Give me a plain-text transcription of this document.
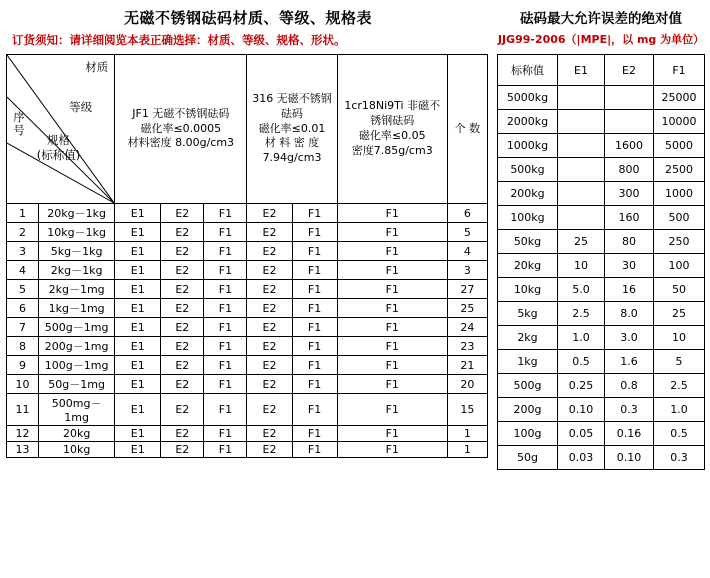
无磁不锈钢砝码材质、等级、规格表
订货须知：请详细阅览本表正确选择：材质、等级、规格、形状。
材质
等级
规格
(标称值)
序
号

JF1 无磁不锈钢砝码
磁化率≤0.0005
材料密度 8.00g/cm3

316 无磁不锈钢砝码
磁化率≤0.01
材 料 密 度 7.94g/cm3

1cr18Ni9Ti 非磁不锈钢砝码
磁化率≤0.05
密度7.85g/cm3
	个 数
1	20kg－1kg	E1	E2	F1	E2	F1	F1	6
2	10kg－1kg	E1	E2	F1	E2	F1	F1	5
3	5kg－1kg	E1	E2	F1	E2	F1	F1	4
4	2kg－1kg	E1	E2	F1	E2	F1	F1	3
5	2kg－1mg	E1	E2	F1	E2	F1	F1	27
6	1kg－1mg	E1	E2	F1	E2	F1	F1	25
7	500g－1mg	E1	E2	F1	E2	F1	F1	24
8	200g－1mg	E1	E2	F1	E2	F1	F1	23
9	100g－1mg	E1	E2	F1	E2	F1	F1	21
10	50g－1mg	E1	E2	F1	E2	F1	F1	20
11	500mg－1mg	E1	E2	F1	E2	F1	F1	15
12	20kg	E1	E2	F1	E2	F1	F1	1
13	10kg	E1	E2	F1	E2	F1	F1	1
砝码最大允许误差的绝对值
JJG99-2006（|MPE|，以 mg 为单位）
标称值	E1	E2	F1
5000kg			25000
2000kg			10000
1000kg		1600	5000
500kg		800	2500
200kg		300	1000
100kg		160	500
50kg	25	80	250
20kg	10	30	100
10kg	5.0	16	50
5kg	2.5	8.0	25
2kg	1.0	3.0	10
1kg	0.5	1.6	5
500g	0.25	0.8	2.5
200g	0.10	0.3	1.0
100g	0.05	0.16	0.5
50g	0.03	0.10	0.3
